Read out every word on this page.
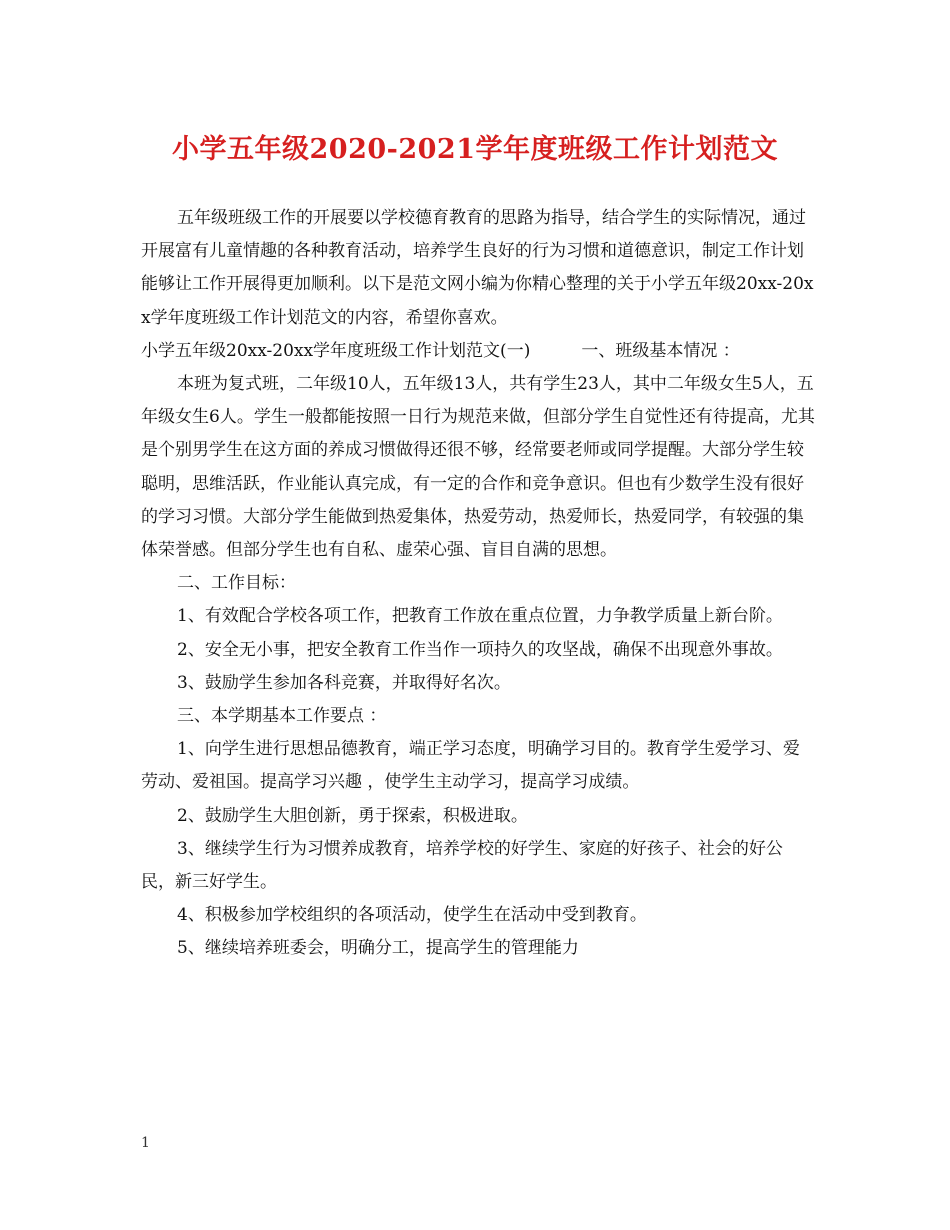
小学五年级2020-2021学年度班级工作计划范文

五年级班级工作的开展要以学校德育教育的思路为指导，结合学生的实际情况，通过开展富有儿童情趣的各种教育活动，培养学生良好的行为习惯和道德意识，制定工作计划能够让工作开展得更加顺利。以下是范文网小编为你精心整理的关于小学五年级20xx-20xx学年度班级工作计划范文的内容，希望你喜欢。

小学五年级20xx-20xx学年度班级工作计划范文(一)　　　一、班级基本情况 ：

本班为复式班，二年级10人，五年级13人，共有学生23人，其中二年级女生5人，五年级女生6人。学生一般都能按照一日行为规范来做，但部分学生自觉性还有待提高，尤其是个别男学生在这方面的养成习惯做得还很不够，经常要老师或同学提醒。大部分学生较聪明，思维活跃，作业能认真完成，有一定的合作和竞争意识。但也有少数学生没有很好的学习习惯。大部分学生能做到热爱集体，热爱劳动，热爱师长，热爱同学，有较强的集体荣誉感。但部分学生也有自私、虚荣心强、盲目自满的思想。

二、工作目标：

1、有效配合学校各项工作，把教育工作放在重点位置，力争教学质量上新台阶。

2、安全无小事，把安全教育工作当作一项持久的攻坚战，确保不出现意外事故。

3、鼓励学生参加各科竞赛，并取得好名次。

三、本学期基本工作要点 ：

1、向学生进行思想品德教育，端正学习态度，明确学习目的。教育学生爱学习、爱劳动、爱祖国。提高学习兴趣 ，使学生主动学习，提高学习成绩。

2、鼓励学生大胆创新，勇于探索，积极进取。

3、继续学生行为习惯养成教育，培养学校的好学生、家庭的好孩子、社会的好公民，新三好学生。

4、积极参加学校组织的各项活动，使学生在活动中受到教育。

5、继续培养班委会，明确分工，提高学生的管理能力

1
